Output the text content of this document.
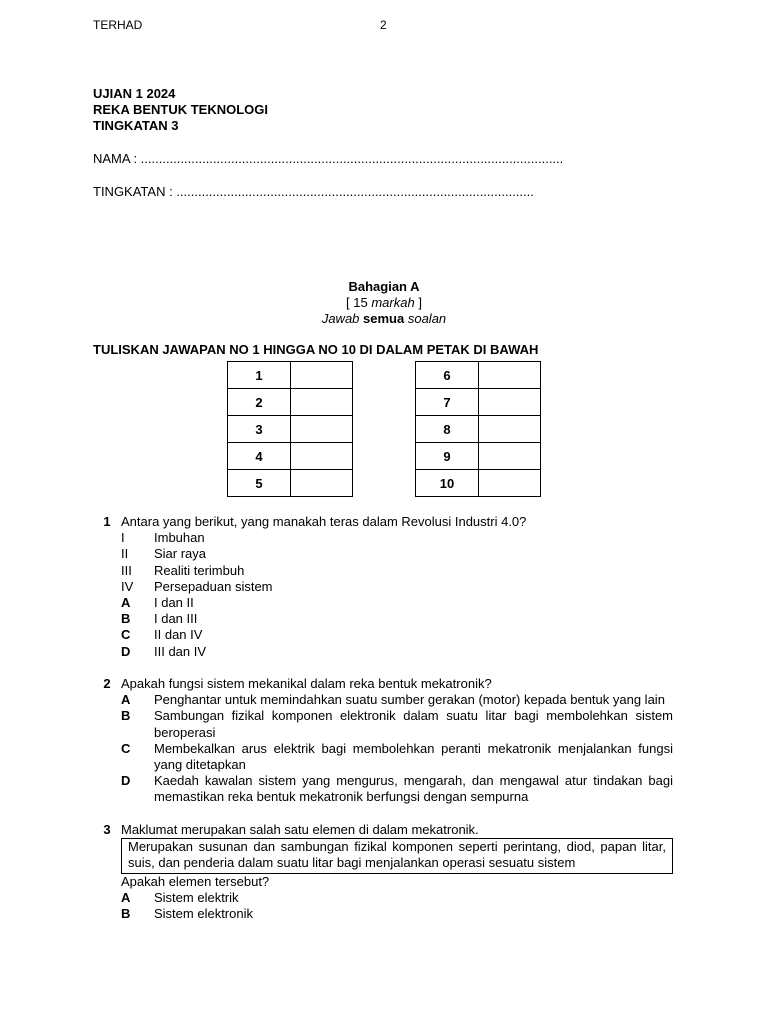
TERHAD	2
UJIAN 1 2024
REKA BENTUK TEKNOLOGI
TINGKATAN 3
NAMA : .....................................................................................................................
TINGKATAN : ...................................................................................................
Bahagian A
[ 15 markah ]
Jawab semua soalan
TULISKAN JAWAPAN NO 1 HINGGA NO 10 DI DALAM PETAK DI BAWAH
1	
2	
3	
4	
5	
6	
7	
8	
9	
10	
1 Antara yang berikut, yang manakah teras dalam Revolusi Industri 4.0?
I	Imbuhan
II	Siar raya
III	Realiti terimbuh
IV	Persepaduan sistem
A	I dan II
B	I dan III
C	II dan IV
D	III dan IV
2 Apakah fungsi sistem mekanikal dalam reka bentuk mekatronik?
A	Penghantar untuk memindahkan suatu sumber gerakan (motor) kepada bentuk yang lain
B	Sambungan fizikal komponen elektronik dalam suatu litar bagi membolehkan sistem beroperasi
C	Membekalkan arus elektrik bagi membolehkan peranti mekatronik menjalankan fungsi yang ditetapkan
D	Kaedah kawalan sistem yang mengurus, mengarah, dan mengawal atur tindakan bagi memastikan reka bentuk mekatronik berfungsi dengan sempurna
3 Maklumat merupakan salah satu elemen di dalam mekatronik.
Merupakan susunan dan sambungan fizikal komponen seperti perintang, diod, papan litar, suis, dan penderia dalam suatu litar bagi menjalankan operasi sesuatu sistem
Apakah elemen tersebut?
A	Sistem elektrik
B	Sistem elektronik
